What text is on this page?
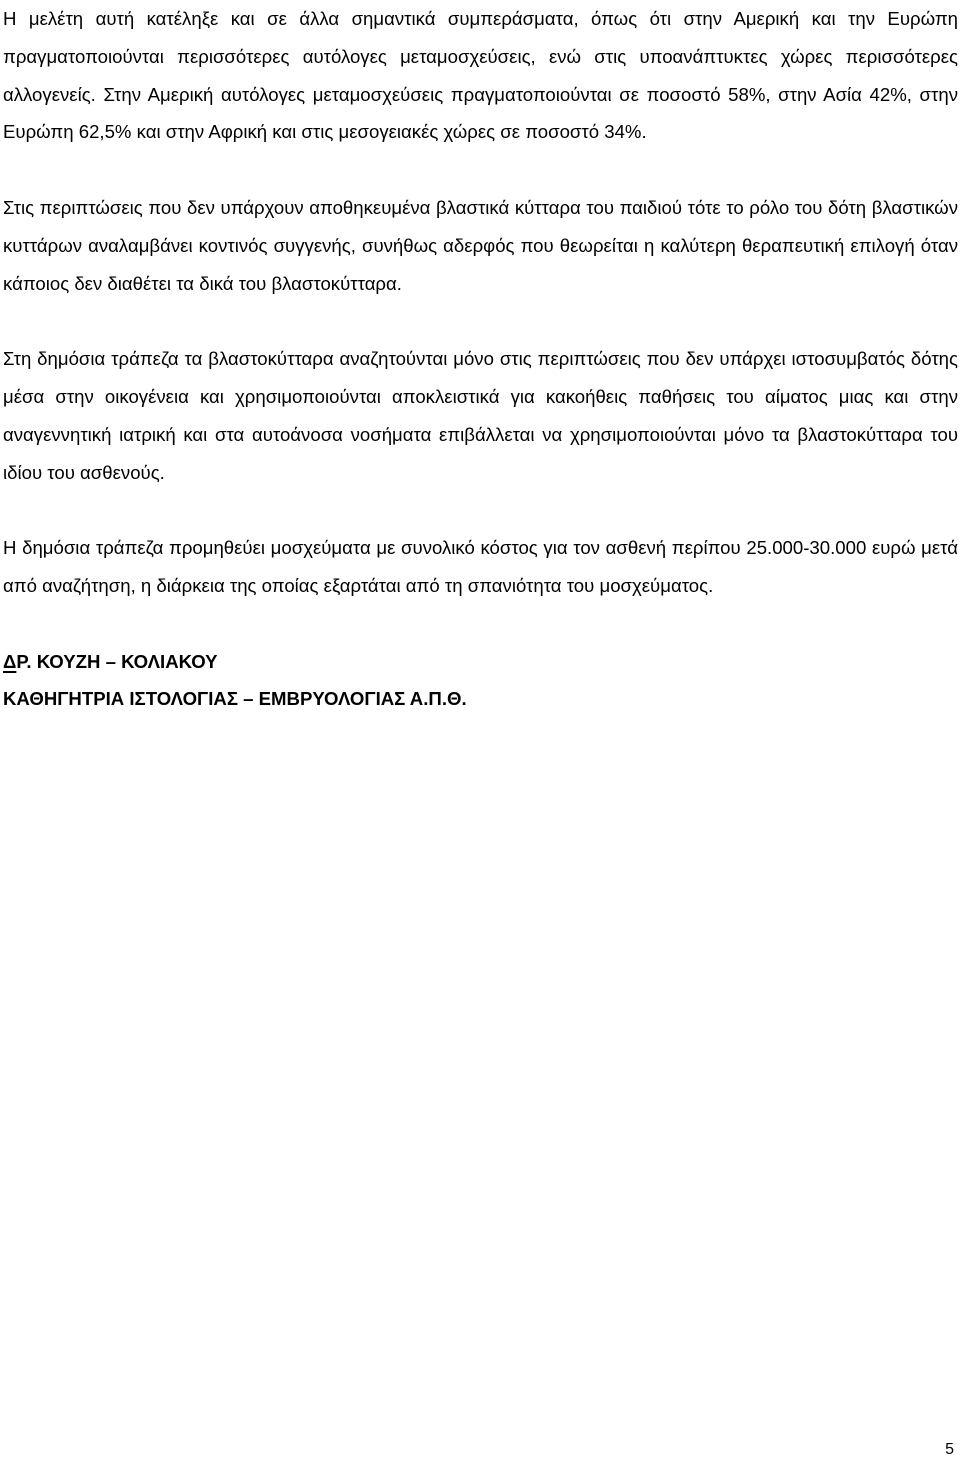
Η μελέτη αυτή κατέληξε και σε άλλα σημαντικά συμπεράσματα, όπως ότι στην Αμερική και την Ευρώπη πραγματοποιούνται περισσότερες αυτόλογες μεταμοσχεύσεις, ενώ στις υποανάπτυκτες χώρες περισσότερες αλλογενείς. Στην Αμερική αυτόλογες μεταμοσχεύσεις πραγματοποιούνται σε ποσοστό 58%, στην Ασία 42%, στην Ευρώπη 62,5% και στην Αφρική και στις μεσογειακές χώρες σε ποσοστό 34%.

Στις περιπτώσεις που δεν υπάρχουν αποθηκευμένα βλαστικά κύτταρα του παιδιού τότε το ρόλο του δότη βλαστικών κυττάρων αναλαμβάνει κοντινός συγγενής, συνήθως αδερφός που θεωρείται η καλύτερη θεραπευτική επιλογή όταν κάποιος δεν διαθέτει τα δικά του βλαστοκύτταρα.

Στη δημόσια τράπεζα τα βλαστοκύτταρα αναζητούνται μόνο στις περιπτώσεις που δεν υπάρχει ιστοσυμβατός δότης μέσα στην οικογένεια και χρησιμοποιούνται αποκλειστικά για κακοήθεις παθήσεις του αίματος μιας και στην αναγεννητική ιατρική και στα αυτοάνοσα νοσήματα επιβάλλεται να χρησιμοποιούνται μόνο τα βλαστοκύτταρα του ιδίου του ασθενούς.

Η δημόσια τράπεζα προμηθεύει μοσχεύματα με συνολικό κόστος για τον ασθενή περίπου 25.000-30.000 ευρώ μετά από αναζήτηση, η διάρκεια της οποίας εξαρτάται από τη σπανιότητα του μοσχεύματος.

ΔΡ. ΚΟΥΖΗ – ΚΟΛΙΑΚΟΥ

ΚΑΘΗΓΗΤΡΙΑ ΙΣΤΟΛΟΓΙΑΣ – ΕΜΒΡΥΟΛΟΓΙΑΣ Α.Π.Θ.

5
